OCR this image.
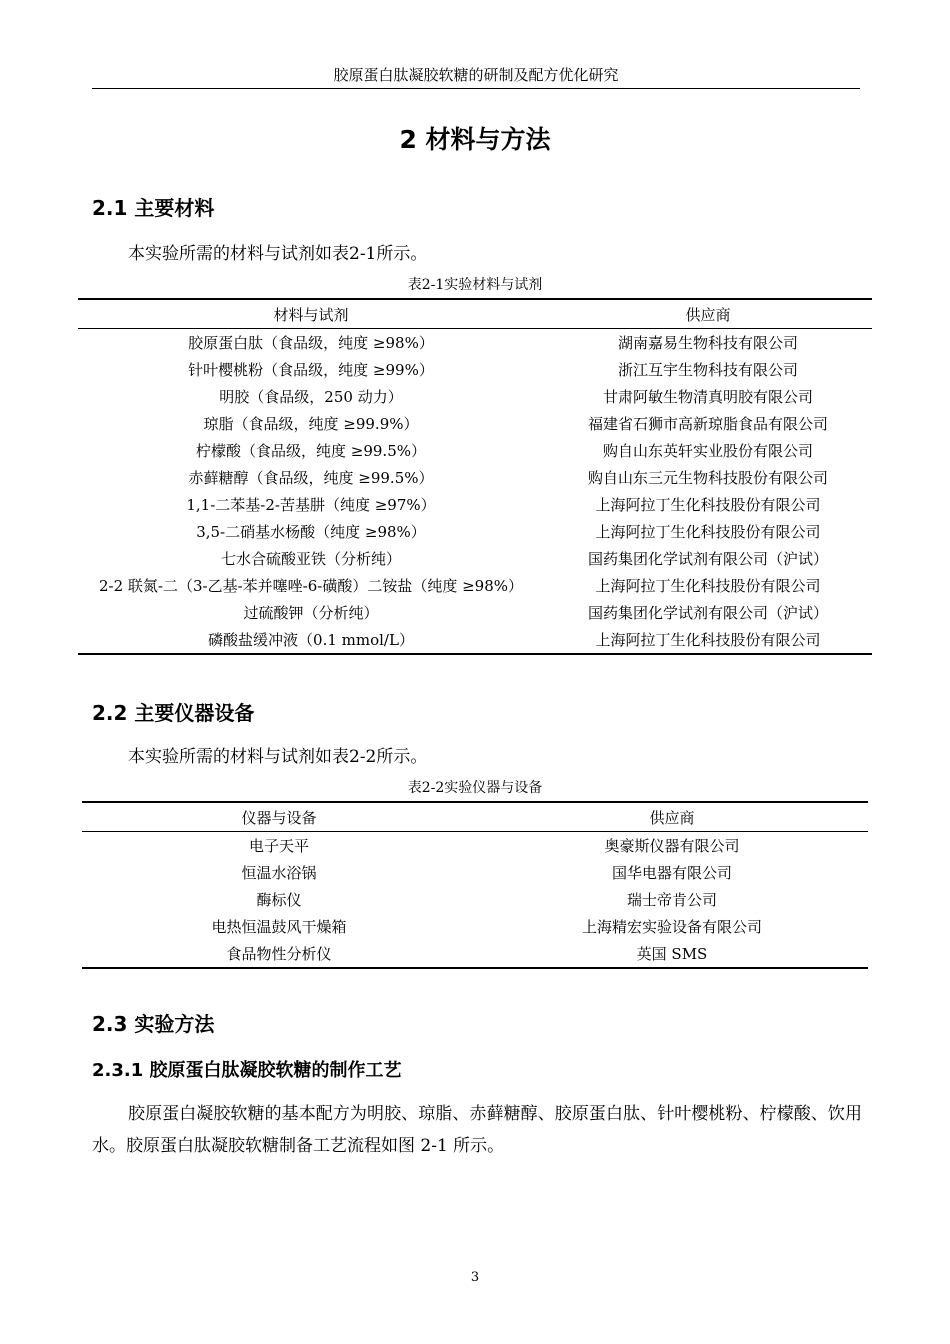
胶原蛋白肽凝胶软糖的研制及配方优化研究
2 材料与方法
2.1 主要材料
本实验所需的材料与试剂如表2-1所示。
表2-1实验材料与试剂
材料与试剂	供应商
胶原蛋白肽（食品级，纯度 ≥98%）	湖南嘉易生物科技有限公司
针叶樱桃粉（食品级，纯度 ≥99%）	浙江互宇生物科技有限公司
明胶（食品级，250 动力）	甘肃阿敏生物清真明胶有限公司
琼脂（食品级，纯度 ≥99.9%）	福建省石狮市高新琼脂食品有限公司
柠檬酸（食品级，纯度 ≥99.5%）	购自山东英轩实业股份有限公司
赤藓糖醇（食品级，纯度 ≥99.5%）	购自山东三元生物科技股份有限公司
1,1-二苯基-2-苦基肼（纯度 ≥97%）	上海阿拉丁生化科技股份有限公司
3,5-二硝基水杨酸（纯度 ≥98%）	上海阿拉丁生化科技股份有限公司
七水合硫酸亚铁（分析纯）	国药集团化学试剂有限公司（沪试）
2-2 联氮-二（3-乙基-苯并噻唑-6-磺酸）二铵盐（纯度 ≥98%）	上海阿拉丁生化科技股份有限公司
过硫酸钾（分析纯）	国药集团化学试剂有限公司（沪试）
磷酸盐缓冲液（0.1 mmol/L）	上海阿拉丁生化科技股份有限公司
2.2 主要仪器设备
本实验所需的材料与试剂如表2-2所示。
表2-2实验仪器与设备
仪器与设备	供应商
电子天平	奥豪斯仪器有限公司
恒温水浴锅	国华电器有限公司
酶标仪	瑞士帝肯公司
电热恒温鼓风干燥箱	上海精宏实验设备有限公司
食品物性分析仪	英国 SMS
2.3 实验方法
2.3.1 胶原蛋白肽凝胶软糖的制作工艺
胶原蛋白凝胶软糖的基本配方为明胶、琼脂、赤藓糖醇、胶原蛋白肽、针叶樱桃粉、柠檬酸、饮用水。胶原蛋白肽凝胶软糖制备工艺流程如图 2-1 所示。
3
